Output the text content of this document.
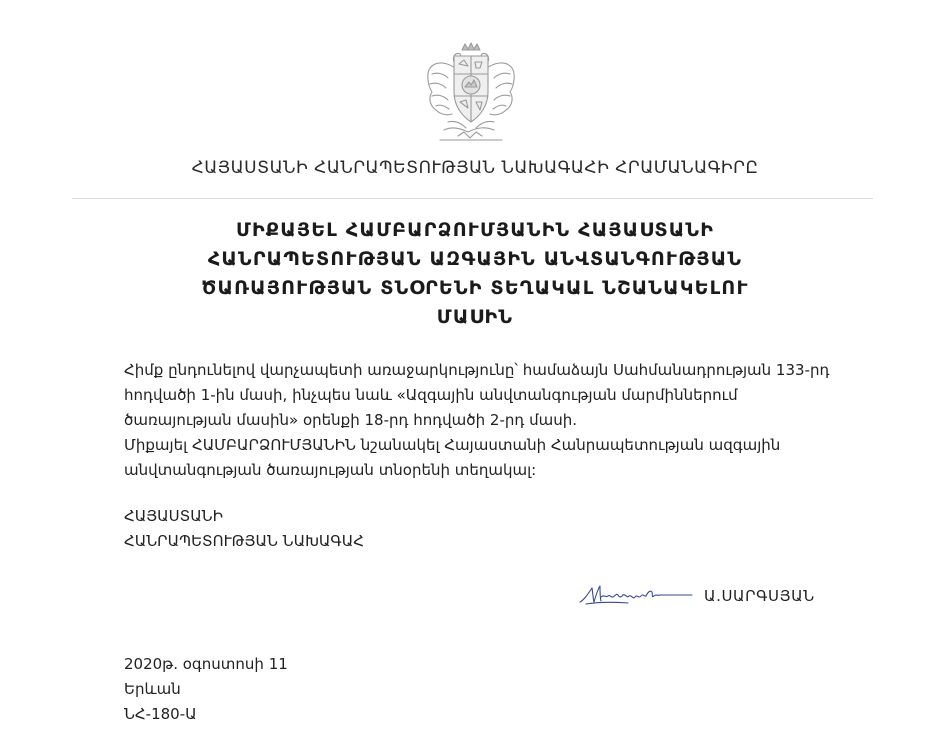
ՀԱՅԱՍՏԱՆԻ ՀԱՆՐԱՊԵՏՈՒԹՅԱՆ ՆԱԽԱԳԱՀԻ ՀՐԱՄԱՆԱԳԻՐԸ
ՄԻՔԱՅԵԼ ՀԱՄԲԱՐՁՈՒՄՅԱՆԻՆ ՀԱՅԱՍՏԱՆԻ
ՀԱՆՐԱՊԵՏՈՒԹՅԱՆ ԱԶԳԱՅԻՆ ԱՆՎՏԱՆԳՈՒԹՅԱՆ
ԾԱՌԱՅՈՒԹՅԱՆ ՏՆՕՐԵՆԻ ՏԵՂԱԿԱԼ ՆՇԱՆԱԿԵԼՈՒ
ՄԱՍԻՆ

Հիմք ընդունելով վարչապետի առաջարկությունը՝ համաձայն Սահմանադրության 133-րդ հոդվածի 1-ին մասի, ինչպես նաև «Ազգային անվտանգության մարմիններում ծառայության մասին» օրենքի 18-րդ հոդվածի 2-րդ մասի.

Միքայել ՀԱՄԲԱՐՁՈՒՄՅԱՆԻՆ նշանակել Հայաստանի Հանրապետության ազգային անվտանգության ծառայության տնօրենի տեղակալ:

ՀԱՅԱՍՏԱՆԻ
ՀԱՆՐԱՊԵՏՈՒԹՅԱՆ ՆԱԽԱԳԱՀ
Ա.ՍԱՐԳՍՅԱՆ
2020թ. օգոստոսի 11
Երևան
ՆՀ-180-Ա
